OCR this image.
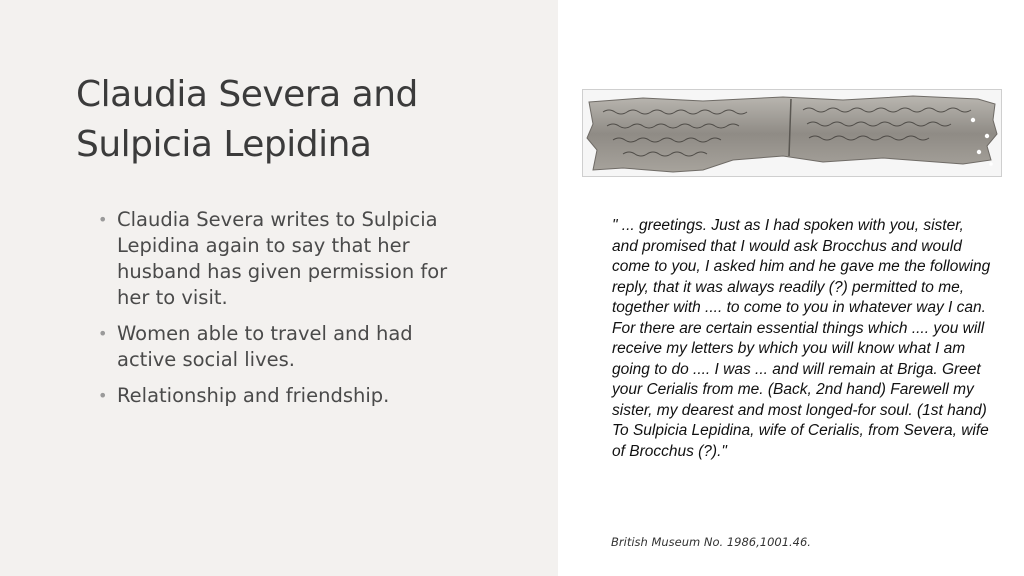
Claudia Severa and
Sulpicia Lepidina
• Claudia Severa writes to Sulpicia Lepidina again to say that her husband has given permission for her to visit.
• Women able to travel and had active social lives.
• Relationship and friendship.
" ... greetings. Just as I had spoken with you, sister, and promised that I would ask Brocchus and would come to you, I asked him and he gave me the following reply, that it was always readily (?) permitted to me, together with .... to come to you in whatever way I can. For there are certain essential things which .... you will receive my letters by which you will know what I am going to do .... I was ... and will remain at Briga. Greet your Cerialis from me. (Back, 2nd hand) Farewell my sister, my dearest and most longed-for soul. (1st hand) To Sulpicia Lepidina, wife of Cerialis, from Severa, wife of Brocchus (?)."
British Museum No. 1986,1001.46.
